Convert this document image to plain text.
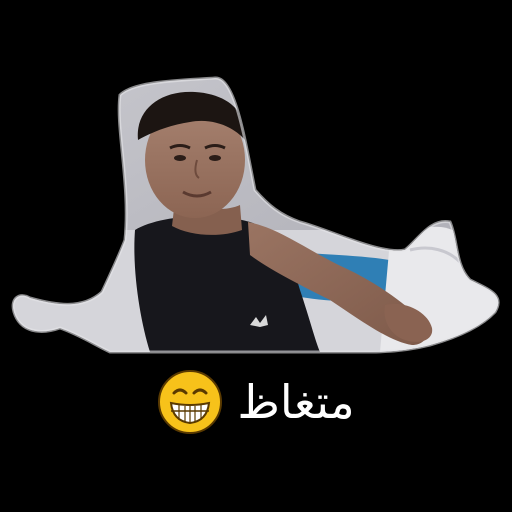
متغاظ
